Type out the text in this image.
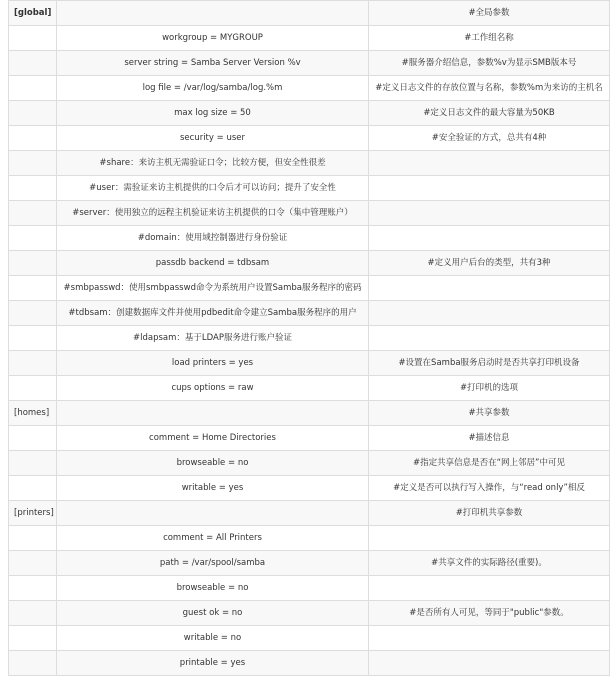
[global]		#全局参数
	workgroup = MYGROUP	#工作组名称
	server string = Samba Server Version %v	#服务器介绍信息，参数%v为显示SMB版本号
	log file = /var/log/samba/log.%m	#定义日志文件的存放位置与名称，参数%m为来访的主机名
	max log size = 50	#定义日志文件的最大容量为50KB
	security = user	#安全验证的方式，总共有4种
	#share：来访主机无需验证口令；比较方便，但安全性很差	
	#user：需验证来访主机提供的口令后才可以访问；提升了安全性	
	#server：使用独立的远程主机验证来访主机提供的口令（集中管理账户）	
	#domain：使用域控制器进行身份验证	
	passdb backend = tdbsam	#定义用户后台的类型，共有3种
	#smbpasswd：使用smbpasswd命令为系统用户设置Samba服务程序的密码	
	#tdbsam：创建数据库文件并使用pdbedit命令建立Samba服务程序的用户	
	#ldapsam：基于LDAP服务进行账户验证	
	load printers = yes	#设置在Samba服务启动时是否共享打印机设备
	cups options = raw	#打印机的选项
[homes]		#共享参数
	comment = Home Directories	#描述信息
	browseable = no	#指定共享信息是否在“网上邻居”中可见
	writable = yes	#定义是否可以执行写入操作，与“read only”相反
[printers]		#打印机共享参数
	comment = All Printers	
	path = /var/spool/samba	#共享文件的实际路径(重要)。
	browseable = no	
	guest ok = no	#是否所有人可见，等同于"public"参数。
	writable = no	
	printable = yes	
